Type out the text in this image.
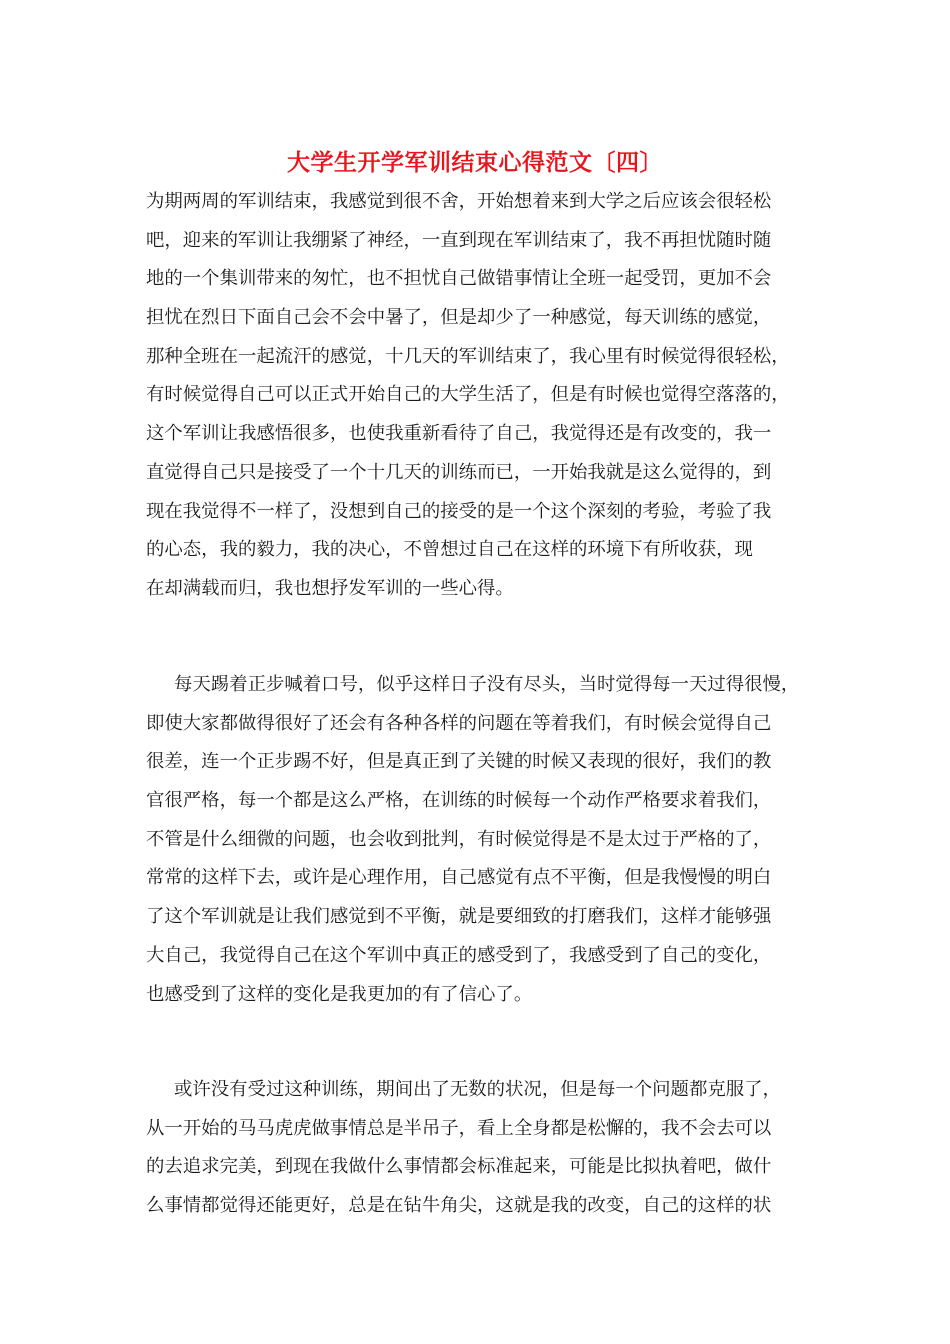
大学生开学军训结束心得范文〔四〕
为期两周的军训结束，我感觉到很不舍，开始想着来到大学之后应该会很轻松
吧，迎来的军训让我绷紧了神经，一直到现在军训结束了，我不再担忧随时随
地的一个集训带来的匆忙，也不担忧自己做错事情让全班一起受罚，更加不会
担忧在烈日下面自己会不会中暑了，但是却少了一种感觉，每天训练的感觉，
那种全班在一起流汗的感觉，十几天的军训结束了，我心里有时候觉得很轻松，
有时候觉得自己可以正式开始自己的大学生活了，但是有时候也觉得空落落的，
这个军训让我感悟很多，也使我重新看待了自己，我觉得还是有改变的，我一
直觉得自己只是接受了一个十几天的训练而已，一开始我就是这么觉得的，到
现在我觉得不一样了，没想到自己的接受的是一个这个深刻的考验，考验了我
的心态，我的毅力，我的决心，不曾想过自己在这样的环境下有所收获，现
在却满载而归，我也想抒发军训的一些心得。
每天踢着正步喊着口号，似乎这样日子没有尽头，当时觉得每一天过得很慢，
即使大家都做得很好了还会有各种各样的问题在等着我们，有时候会觉得自己
很差，连一个正步踢不好，但是真正到了关键的时候又表现的很好，我们的教
官很严格，每一个都是这么严格，在训练的时候每一个动作严格要求着我们，
不管是什么细微的问题，也会收到批判，有时候觉得是不是太过于严格的了，
常常的这样下去，或许是心理作用，自己感觉有点不平衡，但是我慢慢的明白
了这个军训就是让我们感觉到不平衡，就是要细致的打磨我们，这样才能够强
大自己，我觉得自己在这个军训中真正的感受到了，我感受到了自己的变化，
也感受到了这样的变化是我更加的有了信心了。
或许没有受过这种训练，期间出了无数的状况，但是每一个问题都克服了，
从一开始的马马虎虎做事情总是半吊子，看上全身都是松懈的，我不会去可以
的去追求完美，到现在我做什么事情都会标准起来，可能是比拟执着吧，做什
么事情都觉得还能更好，总是在钻牛角尖，这就是我的改变，自己的这样的状
